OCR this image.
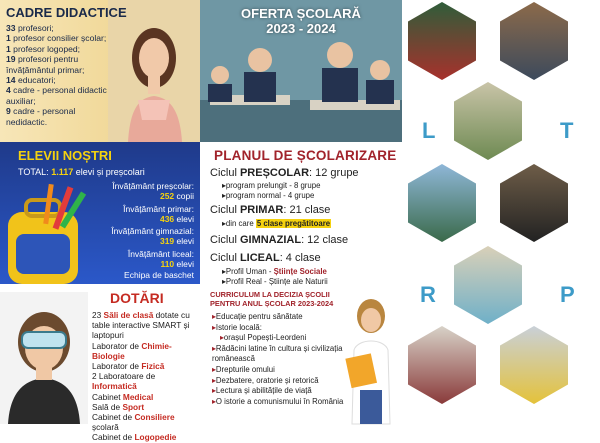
CADRE DIDACTICE
33 profesori;
1 profesor consilier școlar;
1 profesor logoped;
19 profesori pentru învățământul primar;
14 educatori;
4 cadre - personal didactic auxiliar;
9 cadre - personal nedidactic.
OFERTA ȘCOLARĂ
2023 - 2024
ELEVII NOȘTRI
TOTAL: 1.117 elevi și preșcolari
Învățământ preșcolar:
252 copii
Învățământ primar:
436 elevi
Învățământ gimnazial:
319 elevi
Învățământ liceal:
110 elevi
Echipa de baschet
DOTĂRI
23 Săli de clasă dotate cu table interactive SMART și laptopuri
Laborator de Chimie-Biologie
Laborator de Fizică
2 Laboratoare de Informatică
Cabinet Medical
Sală de Sport
Cabinet de Consiliere școlară
Cabinet de Logopedie
PLANUL DE ȘCOLARIZARE
Ciclul PREȘCOLAR: 12 grupe
▸ program prelungit - 8 grupe
▸ program normal - 4 grupe
Ciclul PRIMAR: 21 clase
▸ din care 5 clase pregătitoare
Ciclul GIMNAZIAL: 12 clase
Ciclul LICEAL: 4 clase
▸ Profil Uman - Științe Sociale
▸ Profil Real - Științe ale Naturii
CURRICULUM LA DECIZIA ȘCOLII PENTRU ANUL ȘCOLAR 2023-2024
▸ Educație pentru sănătate
▸ Istorie locală:
▸ orașul Popești-Leordeni
▸ Rădăcini latine în cultura și civilizația românească
▸ Drepturile omului
▸ Dezbatere, oratorie și retorică
▸ Lectura și abilitățile de viață
▸ O istorie a comunismului în România
L	T
R	P
